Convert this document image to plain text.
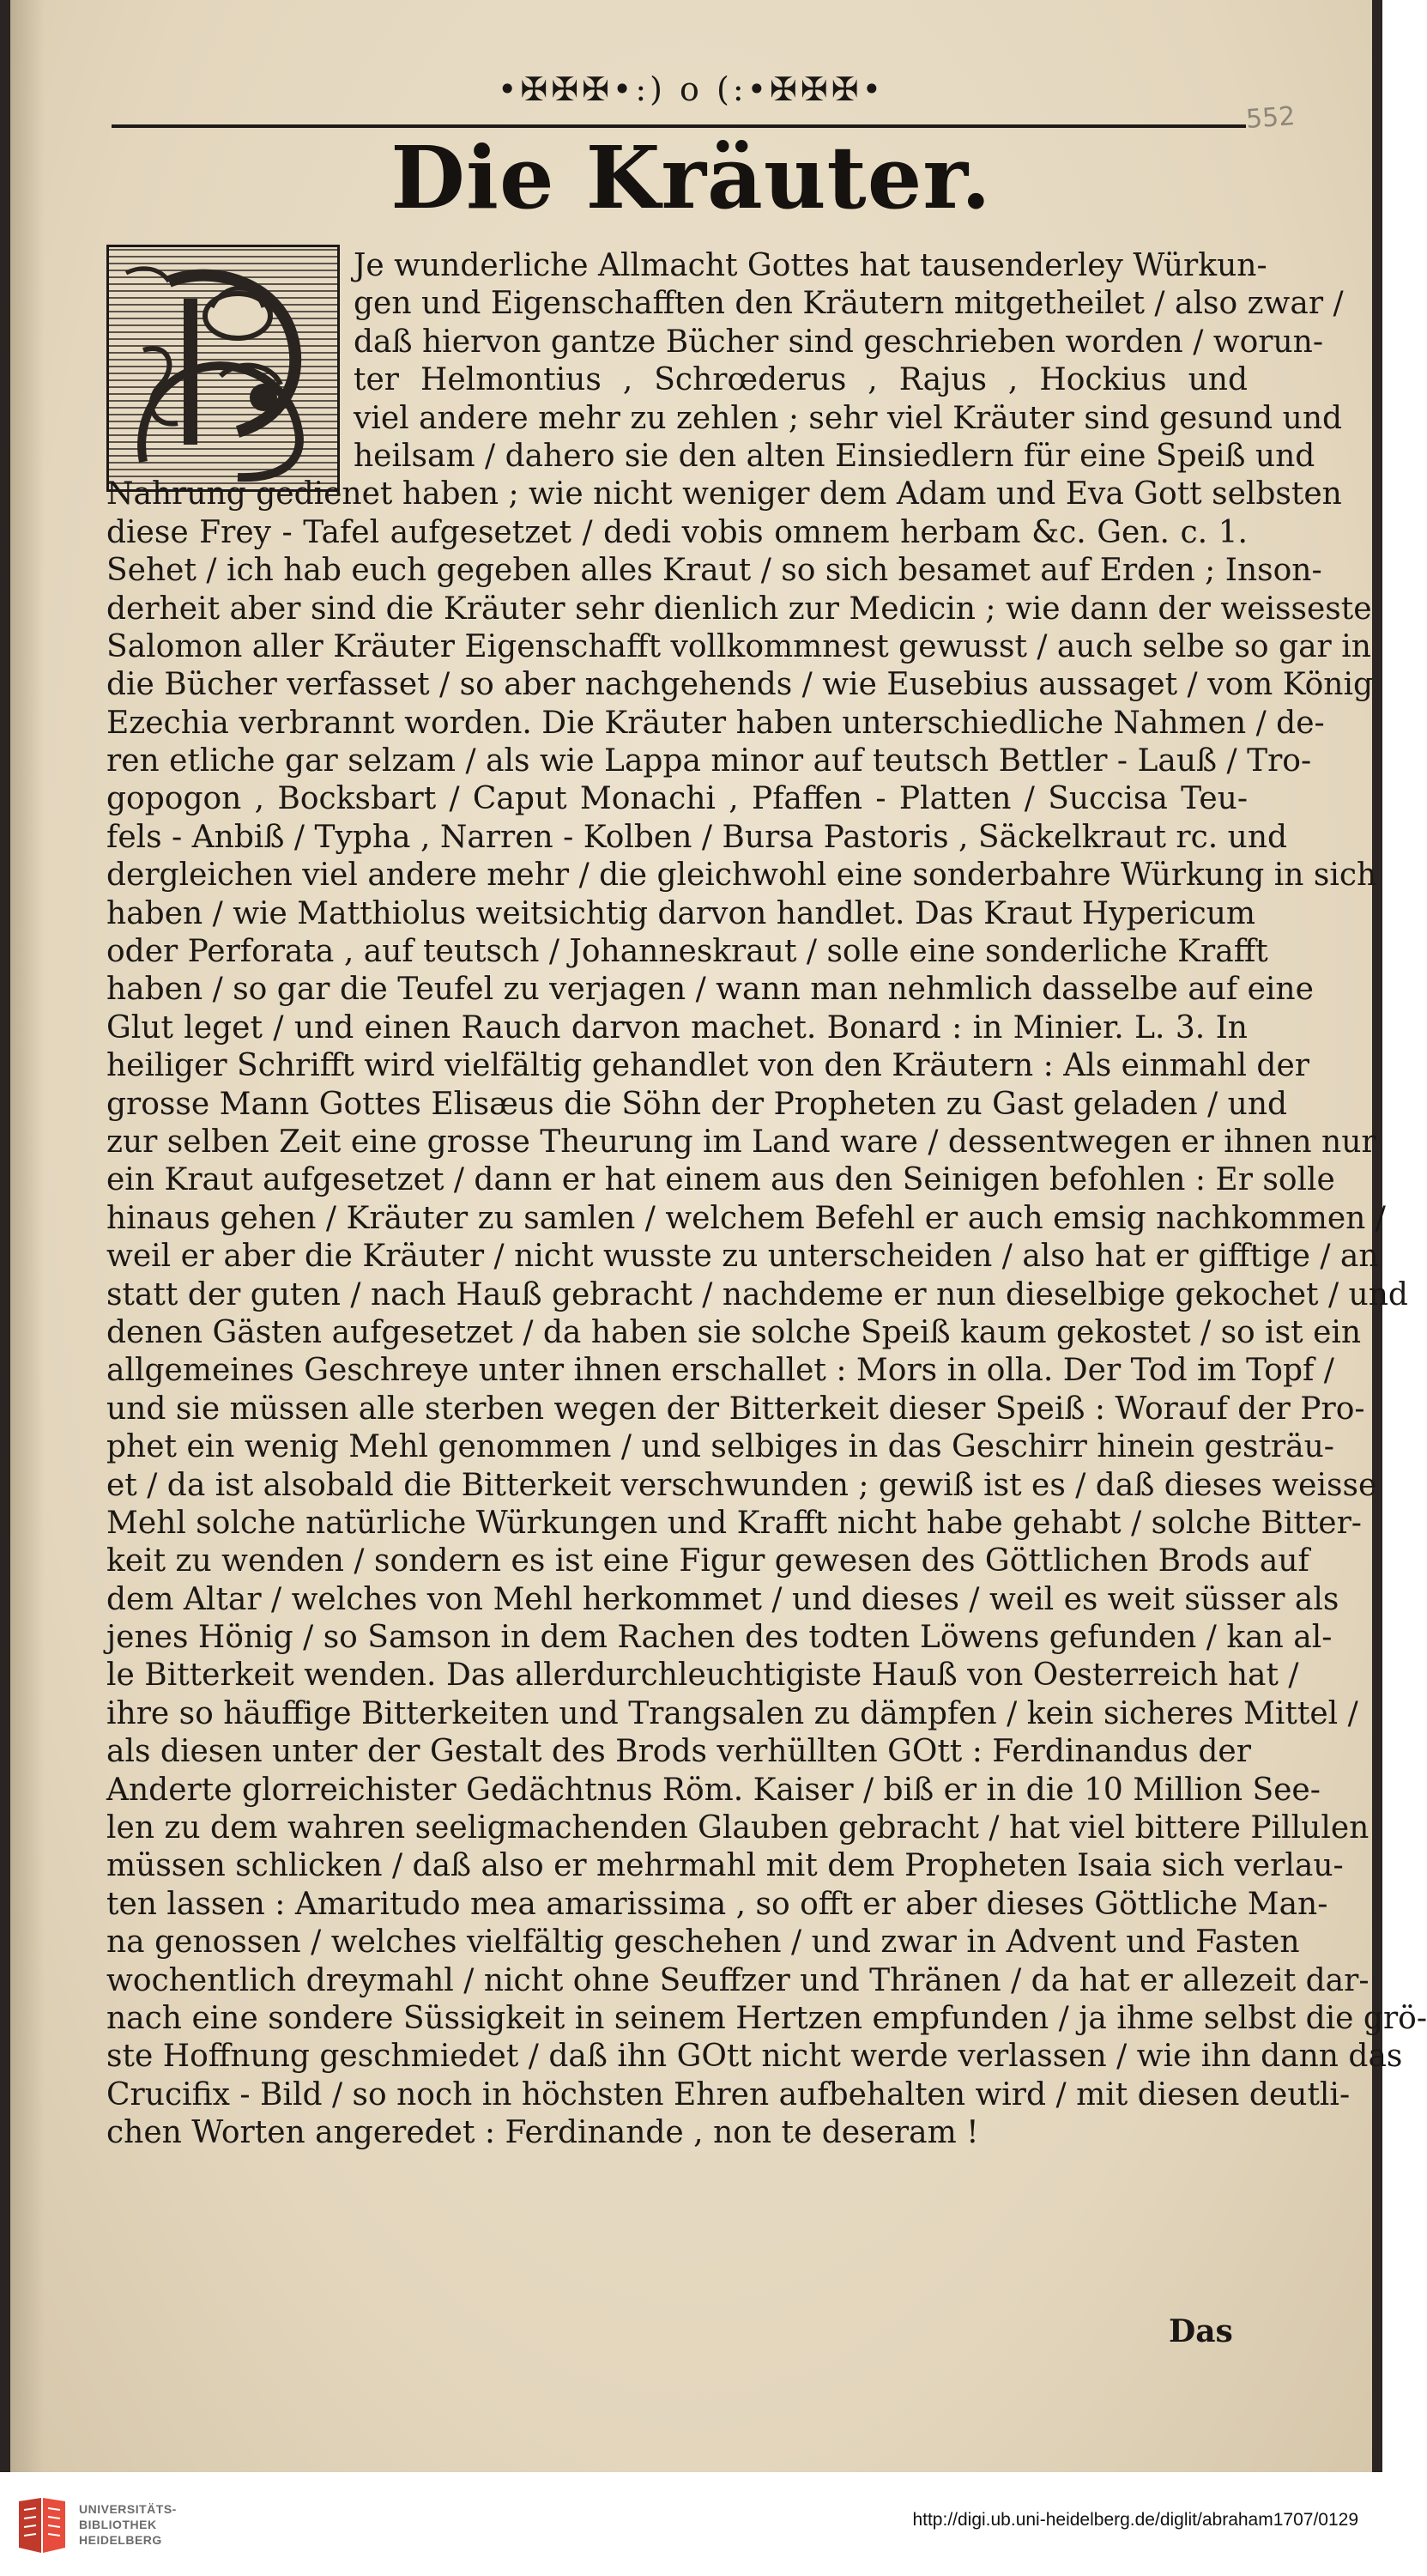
•✠✠✠•:) o (:•✠✠✠•
552
Die Kräuter.
Je wunderliche Allmacht Gottes hat tausenderley Würkun-
gen und Eigenschafften den Kräutern mitgetheilet / also zwar /
daß hiervon gantze Bücher sind geschrieben worden / worun-
ter Helmontius , Schrœderus , Rajus , Hockius und
viel andere mehr zu zehlen ; sehr viel Kräuter sind gesund und
heilsam / dahero sie den alten Einsiedlern für eine Speiß und
Nahrung gedienet haben ; wie nicht weniger dem Adam und Eva Gott selbsten
diese Frey - Tafel aufgesetzet / dedi vobis omnem herbam &c. Gen. c. 1.
Sehet / ich hab euch gegeben alles Kraut / so sich besamet auf Erden ; Inson-
derheit aber sind die Kräuter sehr dienlich zur Medicin ; wie dann der weisseste
Salomon aller Kräuter Eigenschafft vollkommnest gewusst / auch selbe so gar in
die Bücher verfasset / so aber nachgehends / wie Eusebius aussaget / vom König
Ezechia verbrannt worden. Die Kräuter haben unterschiedliche Nahmen / de-
ren etliche gar selzam / als wie Lappa minor auf teutsch Bettler - Lauß / Tro-
gopogon , Bocksbart / Caput Monachi , Pfaffen - Platten / Succisa Teu-
fels - Anbiß / Typha , Narren - Kolben / Bursa Pastoris , Säckelkraut rc. und
dergleichen viel andere mehr / die gleichwohl eine sonderbahre Würkung in sich
haben / wie Matthiolus weitsichtig darvon handlet. Das Kraut Hypericum
oder Perforata , auf teutsch / Johanneskraut / solle eine sonderliche Krafft
haben / so gar die Teufel zu verjagen / wann man nehmlich dasselbe auf eine
Glut leget / und einen Rauch darvon machet. Bonard : in Minier. L. 3. In
heiliger Schrifft wird vielfältig gehandlet von den Kräutern : Als einmahl der
grosse Mann Gottes Elisæus die Söhn der Propheten zu Gast geladen / und
zur selben Zeit eine grosse Theurung im Land ware / dessentwegen er ihnen nur
ein Kraut aufgesetzet / dann er hat einem aus den Seinigen befohlen : Er solle
hinaus gehen / Kräuter zu samlen / welchem Befehl er auch emsig nachkommen /
weil er aber die Kräuter / nicht wusste zu unterscheiden / also hat er gifftige / an
statt der guten / nach Hauß gebracht / nachdeme er nun dieselbige gekochet / und
denen Gästen aufgesetzet / da haben sie solche Speiß kaum gekostet / so ist ein
allgemeines Geschreye unter ihnen erschallet : Mors in olla. Der Tod im Topf /
und sie müssen alle sterben wegen der Bitterkeit dieser Speiß : Worauf der Pro-
phet ein wenig Mehl genommen / und selbiges in das Geschirr hinein gesträu-
et / da ist alsobald die Bitterkeit verschwunden ; gewiß ist es / daß dieses weisse
Mehl solche natürliche Würkungen und Krafft nicht habe gehabt / solche Bitter-
keit zu wenden / sondern es ist eine Figur gewesen des Göttlichen Brods auf
dem Altar / welches von Mehl herkommet / und dieses / weil es weit süsser als
jenes Hönig / so Samson in dem Rachen des todten Löwens gefunden / kan al-
le Bitterkeit wenden. Das allerdurchleuchtigiste Hauß von Oesterreich hat /
ihre so häuffige Bitterkeiten und Trangsalen zu dämpfen / kein sicheres Mittel /
als diesen unter der Gestalt des Brods verhüllten GOtt : Ferdinandus der
Anderte glorreichister Gedächtnus Röm. Kaiser / biß er in die 10 Million See-
len zu dem wahren seeligmachenden Glauben gebracht / hat viel bittere Pillulen
müssen schlicken / daß also er mehrmahl mit dem Propheten Isaia sich verlau-
ten lassen : Amaritudo mea amarissima , so offt er aber dieses Göttliche Man-
na genossen / welches vielfältig geschehen / und zwar in Advent und Fasten
wochentlich dreymahl / nicht ohne Seuffzer und Thränen / da hat er allezeit dar-
nach eine sondere Süssigkeit in seinem Hertzen empfunden / ja ihme selbst die grö-
ste Hoffnung geschmiedet / daß ihn GOtt nicht werde verlassen / wie ihn dann das
Crucifix - Bild / so noch in höchsten Ehren aufbehalten wird / mit diesen deutli-
chen Worten angeredet : Ferdinande , non te deseram !
Das
UNIVERSITÄTS-
BIBLIOTHEK
HEIDELBERG
http://digi.ub.uni-heidelberg.de/diglit/abraham1707/0129
